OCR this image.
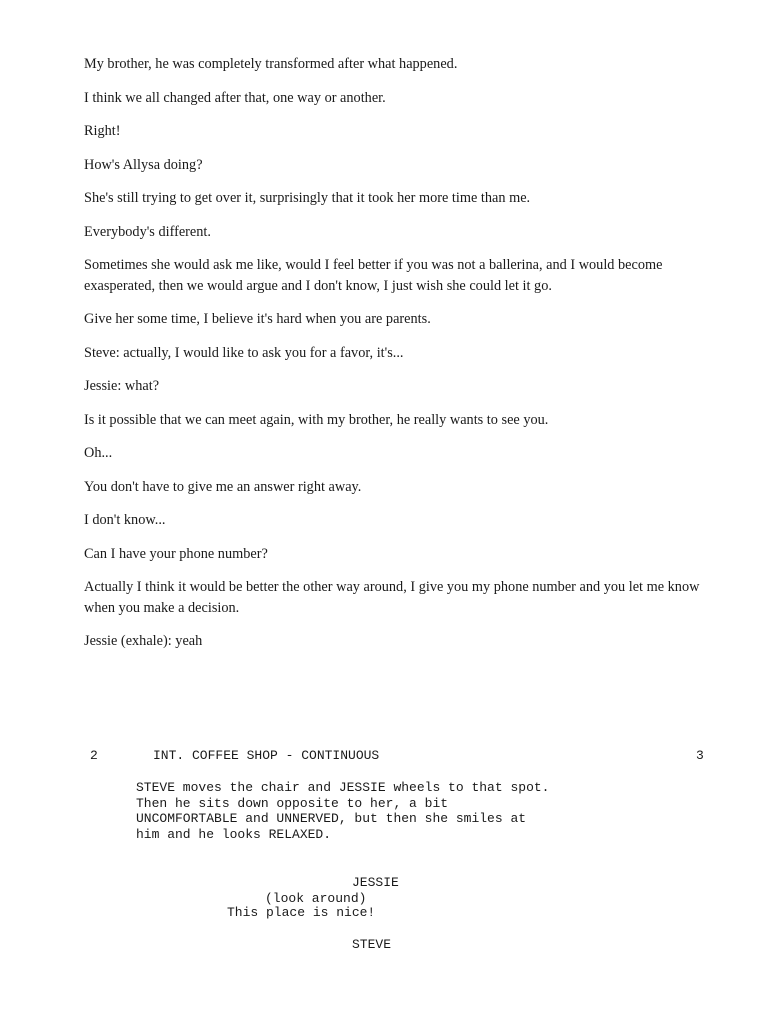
My brother, he was completely transformed after what happened.

I think we all changed after that, one way or another.

Right!

How's Allysa doing?

She's still trying to get over it, surprisingly that it took her more time than me.

Everybody's different.

Sometimes she would ask me like, would I feel better if you was not a ballerina, and I would become exasperated, then we would argue and I don't know, I just wish she could let it go.

Give her some time, I believe it's hard when you are parents.

Steve: actually, I would like to ask you for a favor, it's...

Jessie: what?

Is it possible that we can meet again, with my brother, he really wants to see you.

Oh...

You don't have to give me an answer right away.

I don't know...

Can I have your phone number?

Actually I think it would be better the other way around, I give you my phone number and you let me know when you make a decision.

Jessie (exhale): yeah

2	INT. COFFEE SHOP - CONTINUOUS	3
STEVE moves the chair and JESSIE wheels to that spot.
Then he sits down opposite to her, a bit
UNCOMFORTABLE and UNNERVED, but then she smiles at
him and he looks RELAXED.
JESSIE
(look around)
This place is nice!
STEVE
